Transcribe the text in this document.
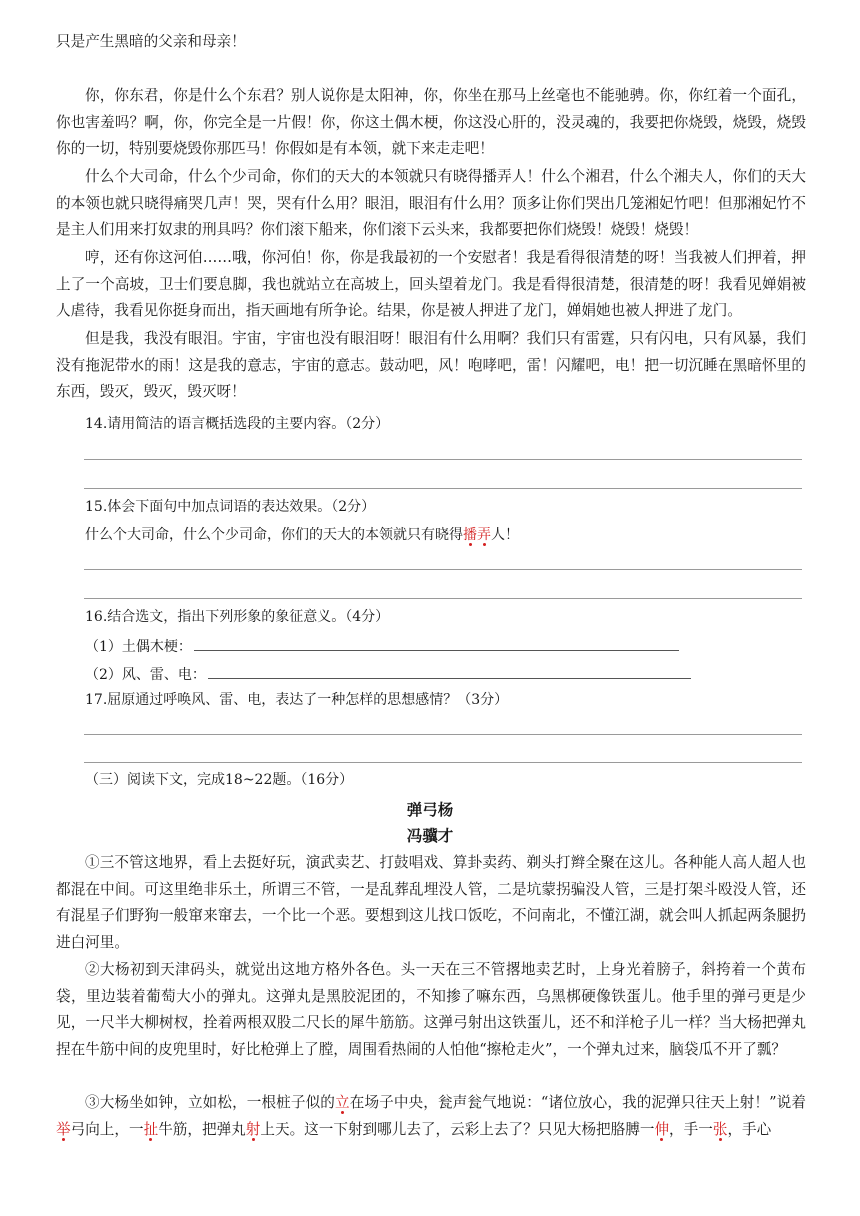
只是产生黑暗的父亲和母亲！

你，你东君，你是什么个东君？别人说你是太阳神，你，你坐在那马上丝毫也不能驰骋。你，你红着一个面孔，你也害羞吗？啊，你，你完全是一片假！你，你这土偶木梗，你这没心肝的，没灵魂的，我要把你烧毁，烧毁，烧毁你的一切，特别要烧毁你那匹马！你假如是有本领，就下来走走吧！

什么个大司命，什么个少司命，你们的天大的本领就只有晓得播弄人！什么个湘君，什么个湘夫人，你们的天大的本领也就只晓得痛哭几声！哭，哭有什么用？眼泪，眼泪有什么用？顶多让你们哭出几笼湘妃竹吧！但那湘妃竹不是主人们用来打奴隶的刑具吗？你们滚下船来，你们滚下云头来，我都要把你们烧毁！烧毁！烧毁！

哼，还有你这河伯……哦，你河伯！你，你是我最初的一个安慰者！我是看得很清楚的呀！当我被人们押着，押上了一个高坡，卫士们要息脚，我也就站立在高坡上，回头望着龙门。我是看得很清楚，很清楚的呀！我看见婵娟被人虐待，我看见你挺身而出，指天画地有所争论。结果，你是被人押进了龙门，婵娟她也被人押进了龙门。

但是我，我没有眼泪。宇宙，宇宙也没有眼泪呀！眼泪有什么用啊？我们只有雷霆，只有闪电，只有风暴，我们没有拖泥带水的雨！这是我的意志，宇宙的意志。鼓动吧，风！咆哮吧，雷！闪耀吧，电！把一切沉睡在黑暗怀里的东西，毁灭，毁灭，毁灭呀！

14.请用简洁的语言概括选段的主要内容。（2分）

15.体会下面句中加点词语的表达效果。（2分）

什么个大司命，什么个少司命，你们的天大的本领就只有晓得播弄人！

16.结合选文，指出下列形象的象征意义。（4分）

（1）土偶木梗：

（2）风、雷、电：

17.屈原通过呼唤风、雷、电，表达了一种怎样的思想感情？（3分）

（三）阅读下文，完成18~22题。（16分）

弹弓杨

冯骥才

①三不管这地界，看上去挺好玩，演武卖艺、打鼓唱戏、算卦卖药、剃头打辫全聚在这儿。各种能人高人超人也都混在中间。可这里绝非乐土，所谓三不管，一是乱葬乱埋没人管，二是坑蒙拐骗没人管，三是打架斗殴没人管，还有混星子们野狗一般窜来窜去，一个比一个恶。要想到这儿找口饭吃，不问南北，不懂江湖，就会叫人抓起两条腿扔进白河里。

②大杨初到天津码头，就觉出这地方格外各色。头一天在三不管撂地卖艺时，上身光着膀子，斜挎着一个黄布袋，里边装着葡萄大小的弹丸。这弹丸是黑胶泥团的，不知掺了嘛东西，乌黑梆硬像铁蛋儿。他手里的弹弓更是少见，一尺半大柳树杈，拴着两根双股二尺长的犀牛筋筋。这弹弓射出这铁蛋儿，还不和洋枪子儿一样？当大杨把弹丸捏在牛筋中间的皮兜里时，好比枪弹上了膛，周围看热闹的人怕他“擦枪走火”，一个弹丸过来，脑袋瓜不开了瓢？

③大杨坐如钟，立如松，一根桩子似的立在场子中央，瓮声瓮气地说：“诸位放心，我的泥弹只往天上射！”说着举弓向上，一扯牛筋，把弹丸射上天。这一下射到哪儿去了，云彩上去了？只见大杨把胳膊一伸，手一张，手心
